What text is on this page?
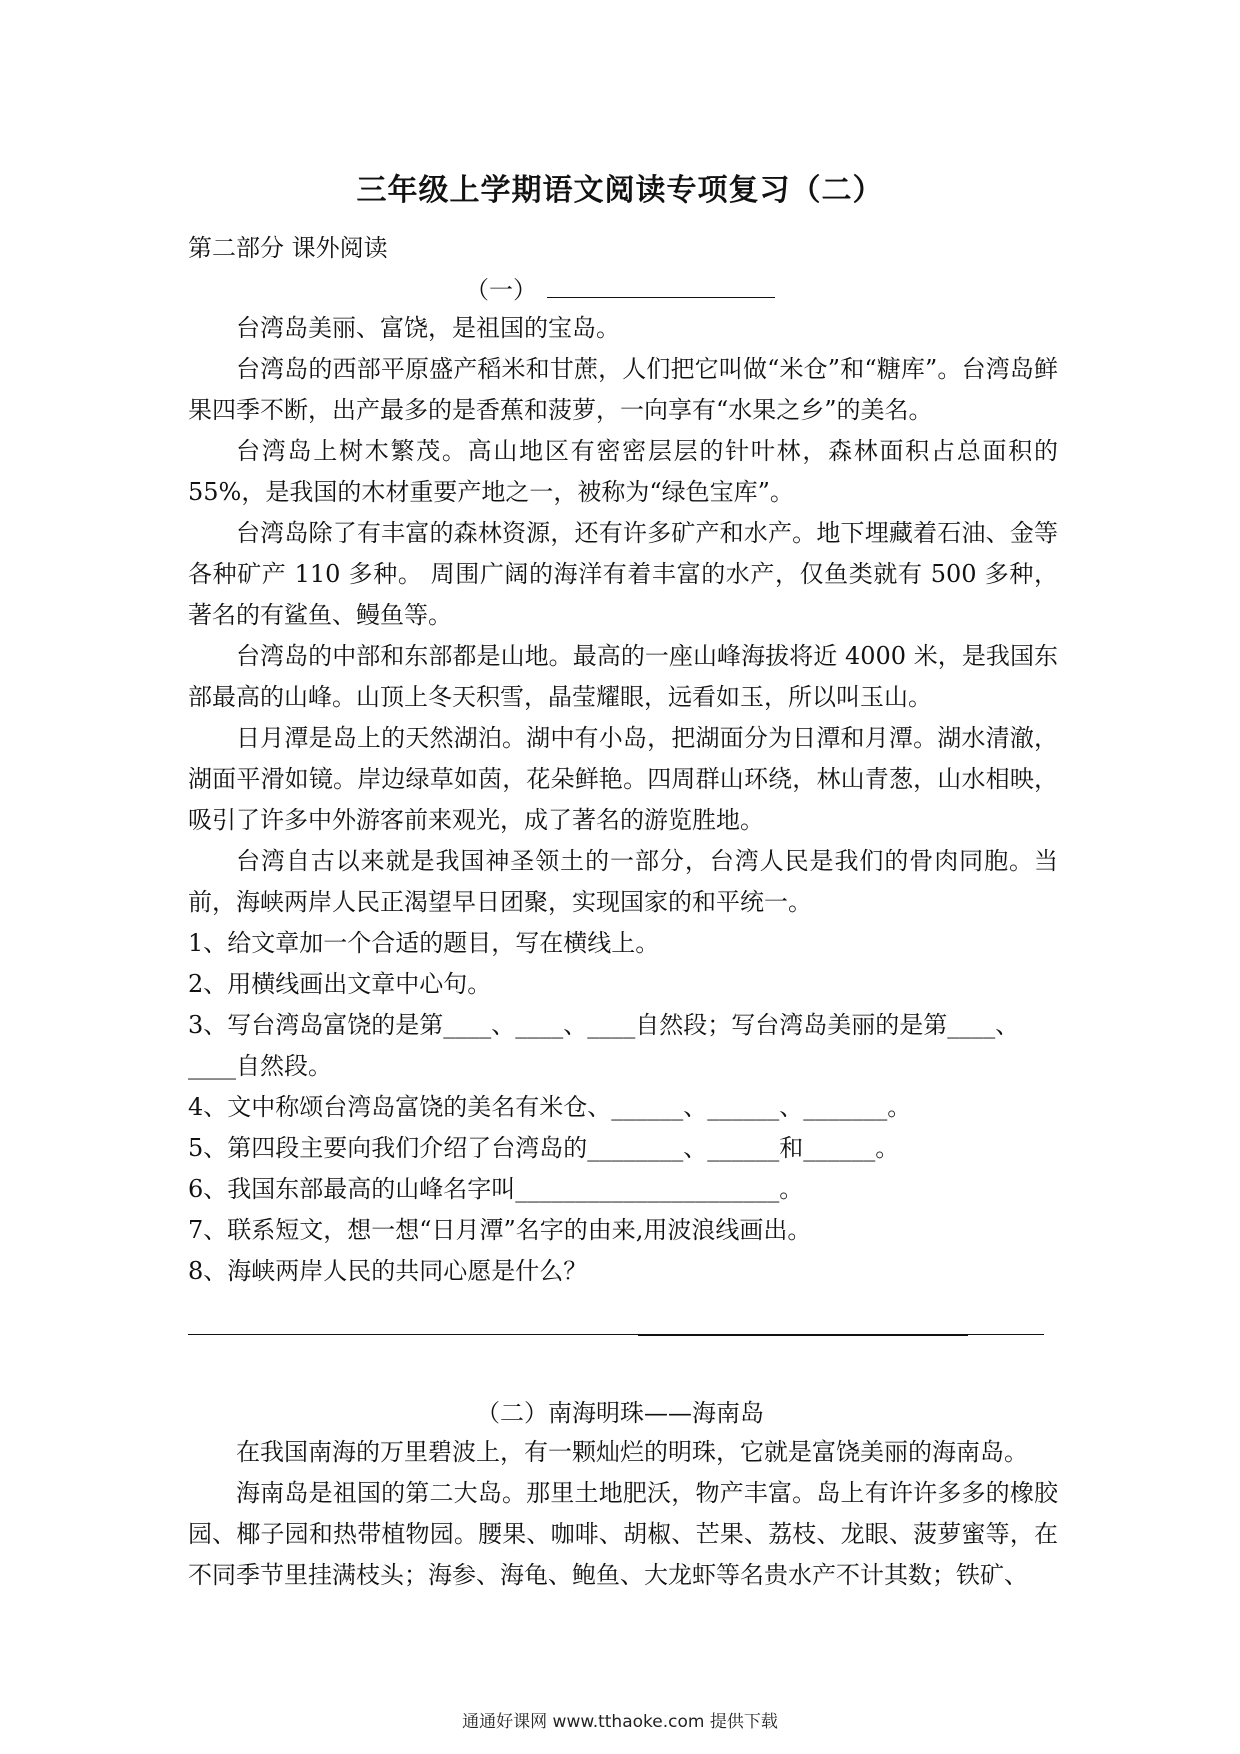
三年级上学期语文阅读专项复习（二）
第二部分 课外阅读
（一）

台湾岛美丽、富饶，是祖国的宝岛。

台湾岛的西部平原盛产稻米和甘蔗，人们把它叫做“米仓”和“糖库”。台湾岛鲜果四季不断，出产最多的是香蕉和菠萝，一向享有“水果之乡”的美名。

台湾岛上树木繁茂。高山地区有密密层层的针叶林，森林面积占总面积的55%，是我国的木材重要产地之一，被称为“绿色宝库”。

台湾岛除了有丰富的森林资源，还有许多矿产和水产。地下埋藏着石油、金等各种矿产 110 多种。 周围广阔的海洋有着丰富的水产，仅鱼类就有 500 多种，著名的有鲨鱼、鳗鱼等。

台湾岛的中部和东部都是山地。最高的一座山峰海拔将近 4000 米，是我国东部最高的山峰。山顶上冬天积雪，晶莹耀眼，远看如玉，所以叫玉山。

日月潭是岛上的天然湖泊。湖中有小岛，把湖面分为日潭和月潭。湖水清澈，湖面平滑如镜。岸边绿草如茵，花朵鲜艳。四周群山环绕，林山青葱，山水相映，吸引了许多中外游客前来观光，成了著名的游览胜地。

台湾自古以来就是我国神圣领土的一部分，台湾人民是我们的骨肉同胞。当前，海峡两岸人民正渴望早日团聚，实现国家的和平统一。

1、给文章加一个合适的题目，写在横线上。

2、用横线画出文章中心句。

3、写台湾岛富饶的是第____、____、____自然段；写台湾岛美丽的是第____、____自然段。

4、文中称颂台湾岛富饶的美名有米仓、______、______、_______。

5、第四段主要向我们介绍了台湾岛的________、______和______。

6、我国东部最高的山峰名字叫______________________。

7、联系短文，想一想“日月潭”名字的由来,用波浪线画出。

8、海峡两岸人民的共同心愿是什么？

（二）南海明珠——海南岛

在我国南海的万里碧波上，有一颗灿烂的明珠，它就是富饶美丽的海南岛。

海南岛是祖国的第二大岛。那里土地肥沃，物产丰富。岛上有许许多多的橡胶园、椰子园和热带植物园。腰果、咖啡、胡椒、芒果、荔枝、龙眼、菠萝蜜等，在不同季节里挂满枝头；海参、海龟、鲍鱼、大龙虾等名贵水产不计其数；铁矿、

通通好课网 www.tthaoke.com 提供下载
